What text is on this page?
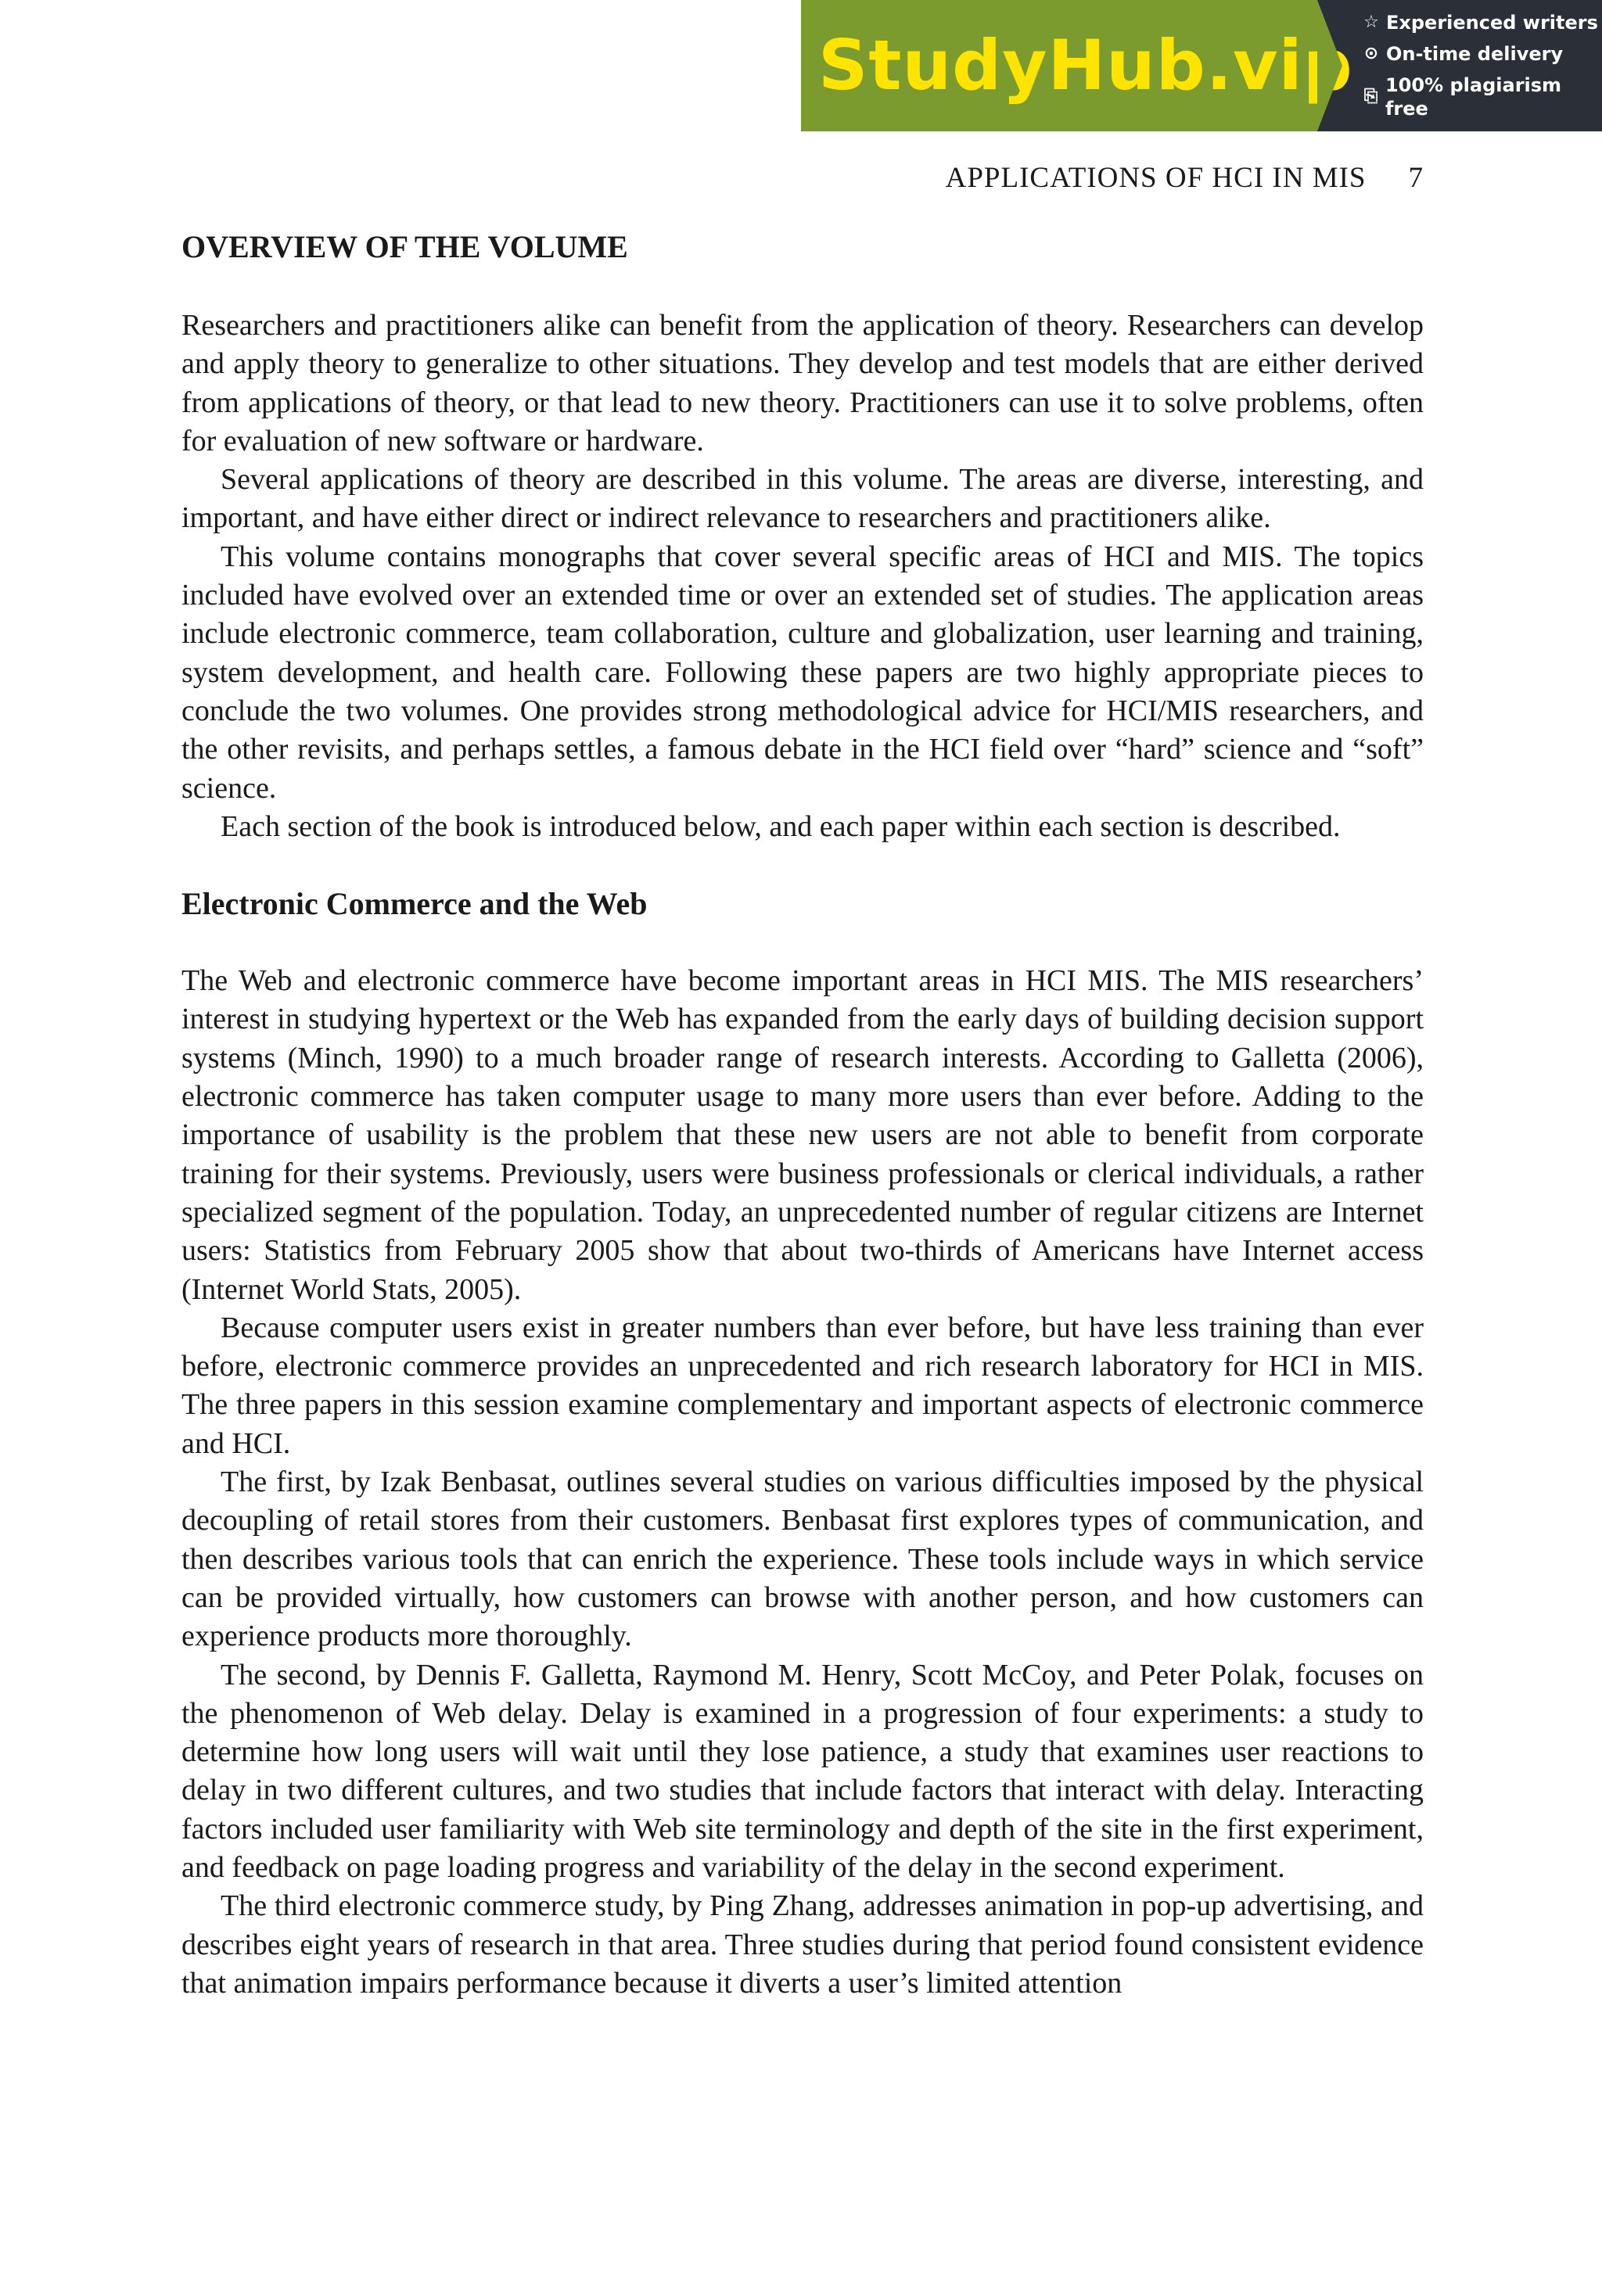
StudyHub.vip
☆ Experienced writers
⊙ On-time delivery
⎘
100% plagiarism free
APPLICATIONS OF HCI IN MIS 7
OVERVIEW OF THE VOLUME

Researchers and practitioners alike can benefit from the application of theory. Researchers can develop and apply theory to generalize to other situations. They develop and test models that are either derived from applications of theory, or that lead to new theory. Practitioners can use it to solve problems, often for evaluation of new software or hardware.

Several applications of theory are described in this volume. The areas are diverse, interesting, and important, and have either direct or indirect relevance to researchers and practitioners alike.

This volume contains monographs that cover several specific areas of HCI and MIS. The topics included have evolved over an extended time or over an extended set of studies. The application areas include electronic commerce, team collaboration, culture and globalization, user learning and training, system development, and health care. Following these papers are two highly appropriate pieces to conclude the two volumes. One provides strong methodological advice for HCI/MIS researchers, and the other revisits, and perhaps settles, a famous debate in the HCI field over “hard” science and “soft” science.

Each section of the book is introduced below, and each paper within each section is described.

Electronic Commerce and the Web

The Web and electronic commerce have become important areas in HCI MIS. The MIS researchers’ interest in studying hypertext or the Web has expanded from the early days of building decision support systems (Minch, 1990) to a much broader range of research interests. According to Galletta (2006), electronic commerce has taken computer usage to many more users than ever before. Adding to the importance of usability is the problem that these new users are not able to benefit from corporate training for their systems. Previously, users were business professionals or clerical individuals, a rather specialized segment of the population. Today, an unprecedented number of regular citizens are Internet users: Statistics from February 2005 show that about two-thirds of Americans have Internet access (Internet World Stats, 2005).

Because computer users exist in greater numbers than ever before, but have less training than ever before, electronic commerce provides an unprecedented and rich research laboratory for HCI in MIS. The three papers in this session examine complementary and important aspects of electronic commerce and HCI.

The first, by Izak Benbasat, outlines several studies on various difficulties imposed by the physical decoupling of retail stores from their customers. Benbasat first explores types of communication, and then describes various tools that can enrich the experience. These tools include ways in which service can be provided virtually, how customers can browse with another person, and how customers can experience products more thoroughly.

The second, by Dennis F. Galletta, Raymond M. Henry, Scott McCoy, and Peter Polak, focuses on the phenomenon of Web delay. Delay is examined in a progression of four experiments: a study to determine how long users will wait until they lose patience, a study that examines user reactions to delay in two different cultures, and two studies that include factors that interact with delay. Interacting factors included user familiarity with Web site terminology and depth of the site in the first experiment, and feedback on page loading progress and variability of the delay in the second experiment.

The third electronic commerce study, by Ping Zhang, addresses animation in pop-up advertising, and describes eight years of research in that area. Three studies during that period found consistent evidence that animation impairs performance because it diverts a user’s limited attention
